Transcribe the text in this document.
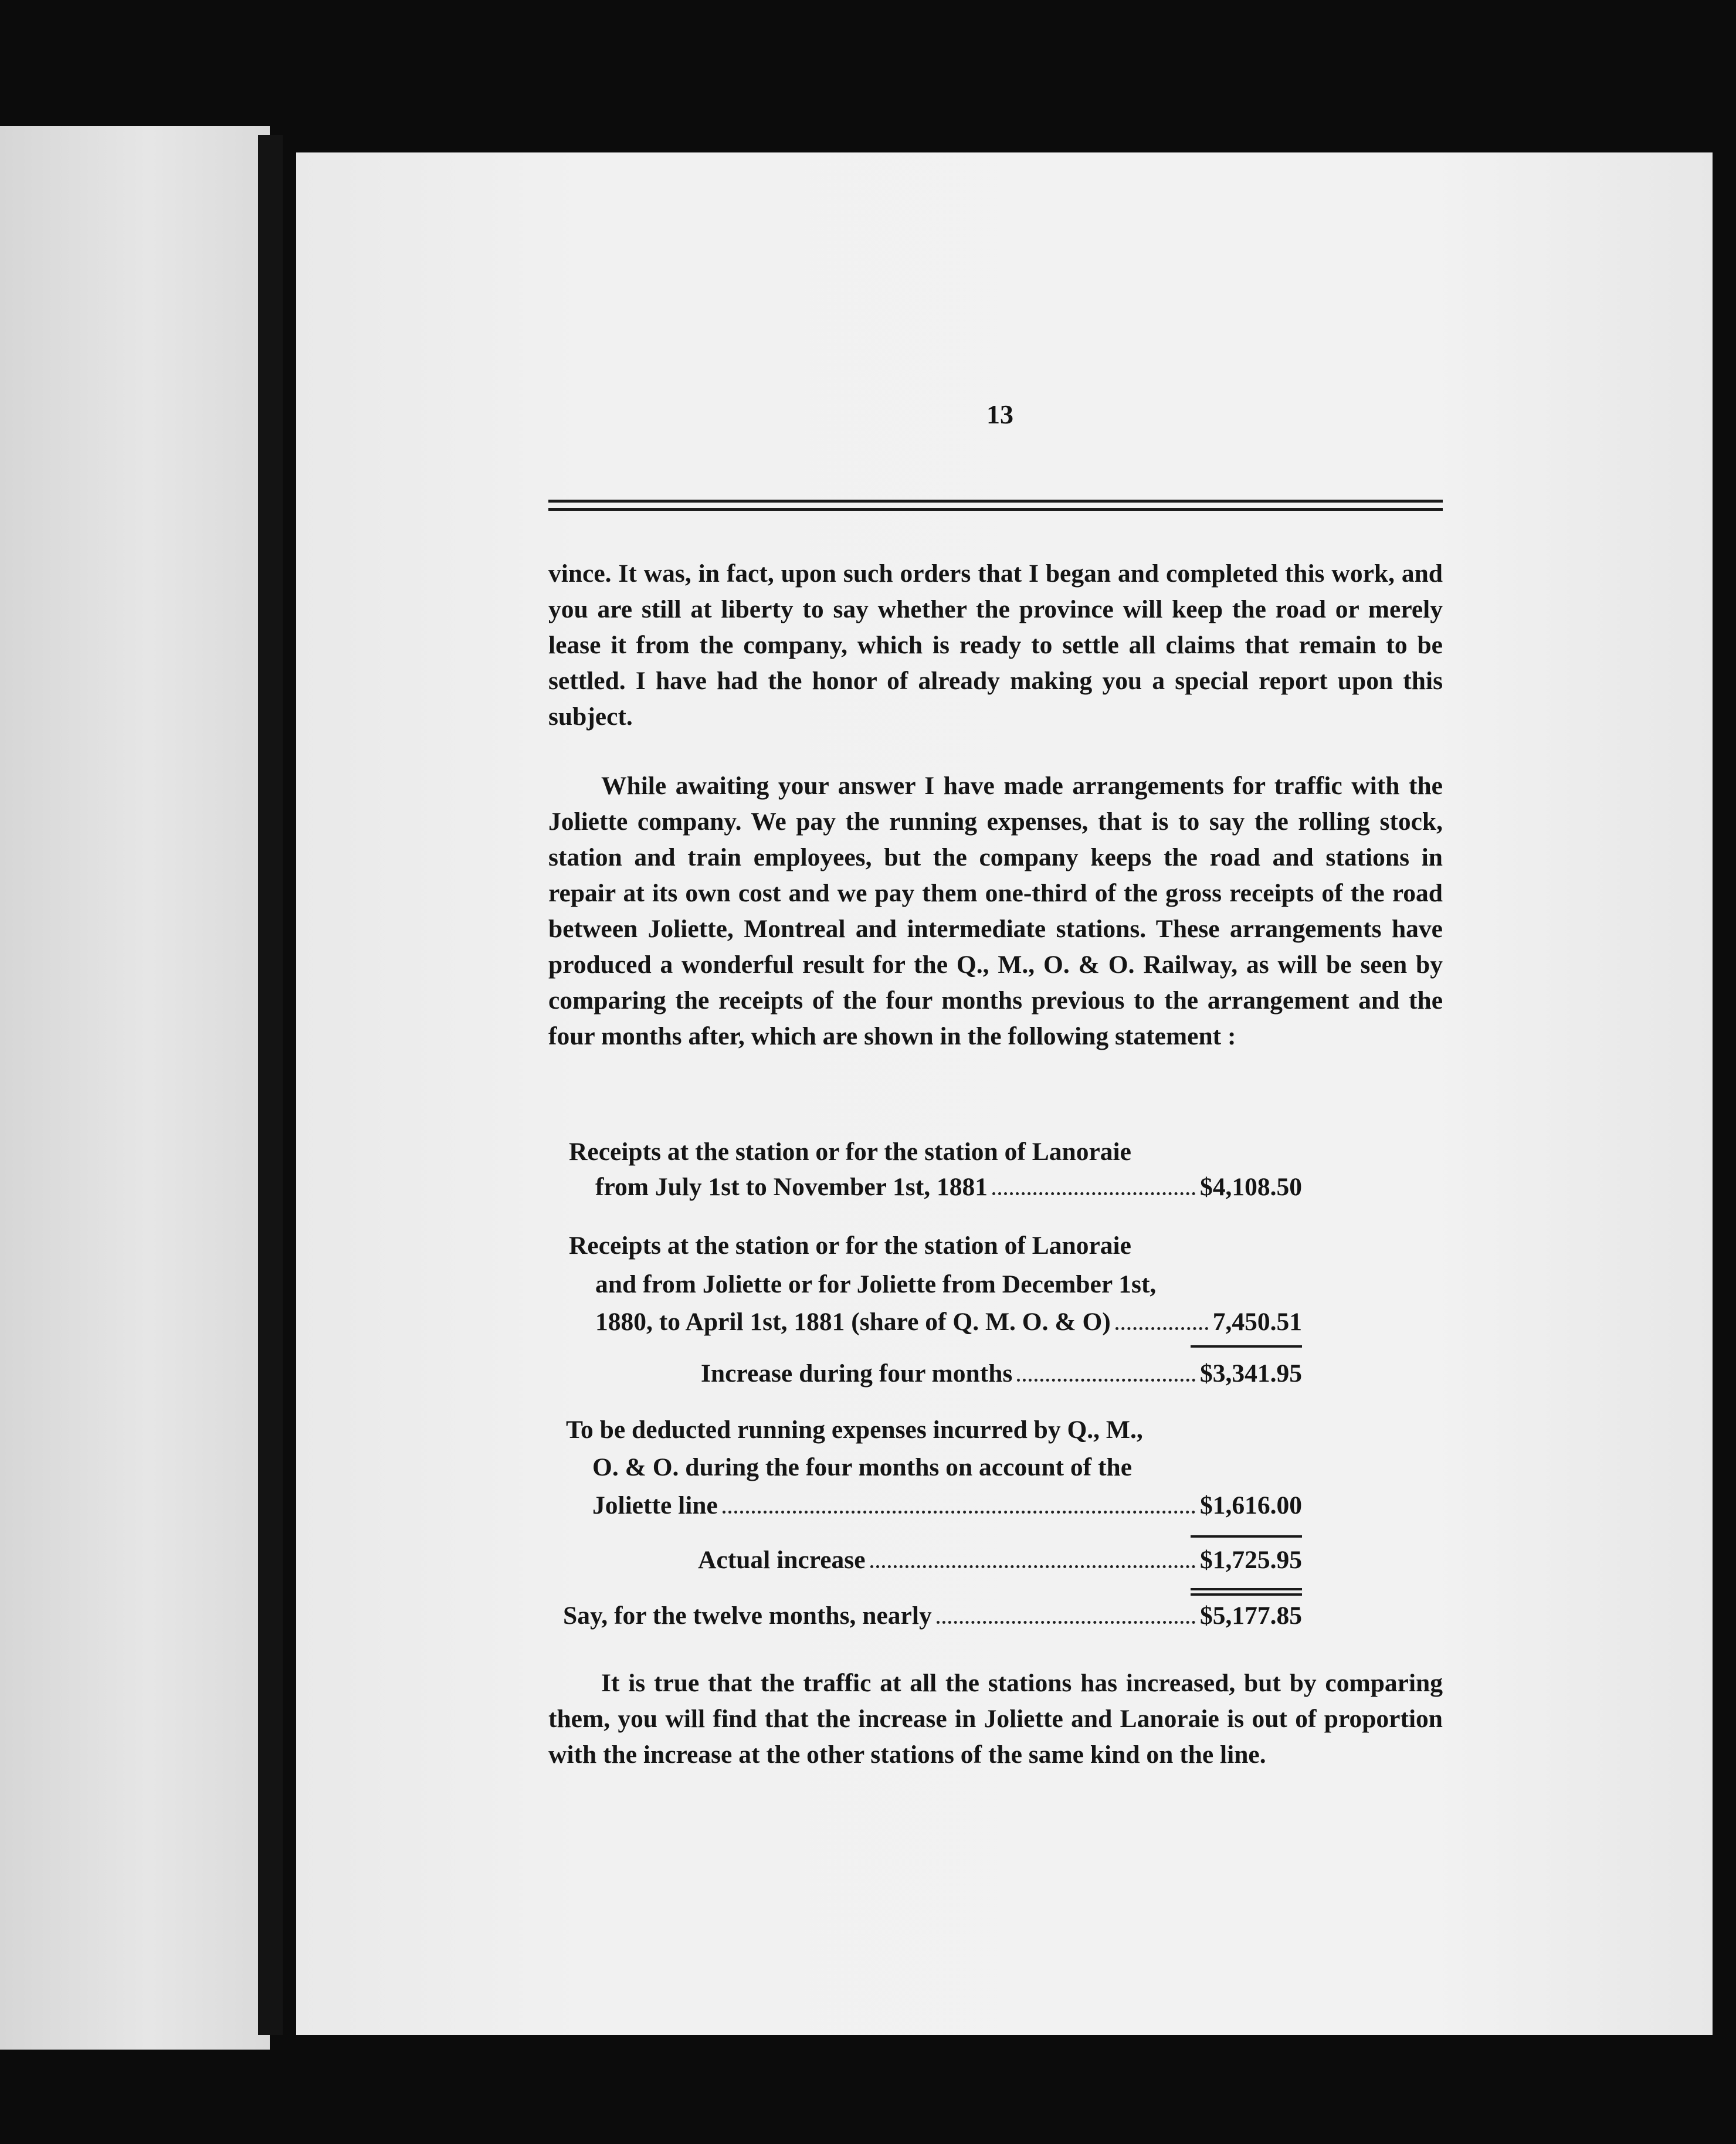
13

vince. It was, in fact, upon such orders that I began and completed this work, and you are still at liberty to say whether the province will keep the road or merely lease it from the company, which is ready to settle all claims that remain to be settled. I have had the honor of already making you a special report upon this subject.

While awaiting your answer I have made arrangements for traffic with the Joliette company. We pay the running expenses, that is to say the rolling stock, station and train employees, but the company keeps the road and stations in repair at its own cost and we pay them one-third of the gross receipts of the road between Joliette, Montreal and intermediate stations. These arrangements have produced a wonderful result for the Q., M., O. & O. Railway, as will be seen by comparing the receipts of the four months previous to the arrangement and the four months after, which are shown in the following statement :

Receipts at the station or for the station of Lanoraie
from July 1st to November 1st, 1881	$4,108.50
Receipts at the station or for the station of Lanoraie
and from Joliette or for Joliette from December 1st,
1880, to April 1st, 1881 (share of Q. M. O. & O)	7,450.51
Increase during four months	$3,341.95
To be deducted running expenses incurred by Q., M.,
O. & O. during the four months on account of the
Joliette line	$1,616.00
Actual increase	$1,725.95
Say, for the twelve months, nearly	$5,177.85

It is true that the traffic at all the stations has increased, but by comparing them, you will find that the increase in Joliette and Lanoraie is out of proportion with the increase at the other stations of the same kind on the line.
